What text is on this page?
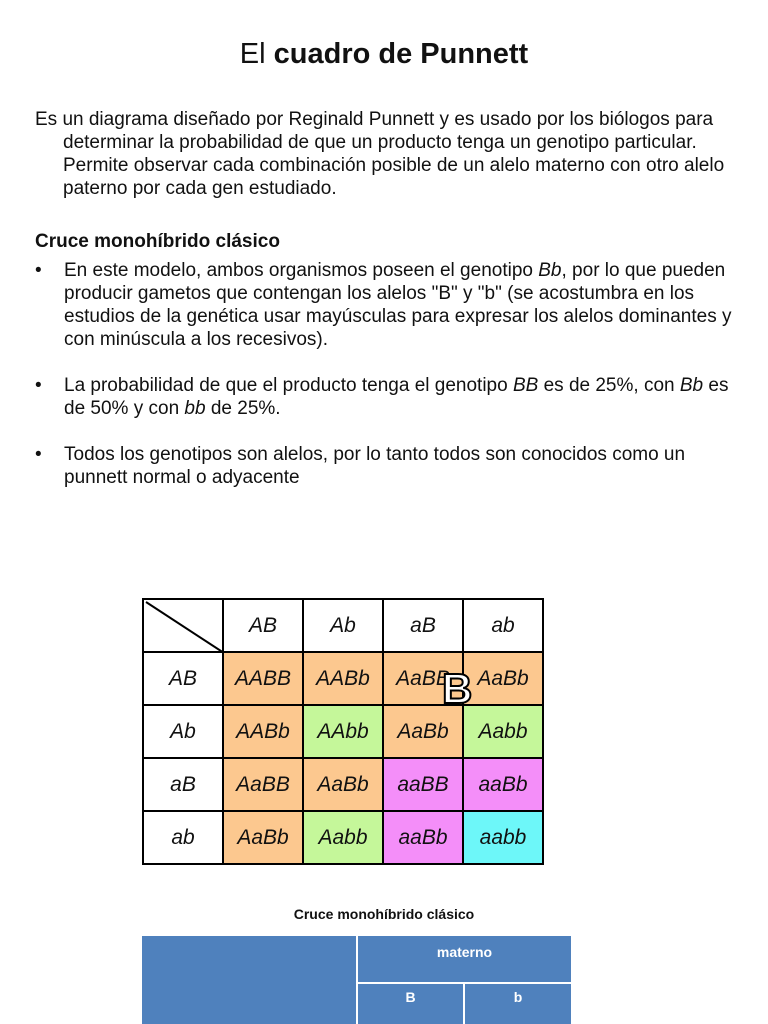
El cuadro de Punnett
Es un diagrama diseñado por Reginald Punnett y es usado por los biólogos para determinar la probabilidad de que un producto tenga un genotipo particular. Permite observar cada combinación posible de un alelo materno con otro alelo paterno por cada gen estudiado.
Cruce monohíbrido clásico
• En este modelo, ambos organismos poseen el genotipo Bb, por lo que pueden producir gametos que contengan los alelos "B" y "b" (se acostumbra en los estudios de la genética usar mayúsculas para expresar los alelos dominantes y con minúscula a los recesivos).
• La probabilidad de que el producto tenga el genotipo BB es de 25%, con Bb es de 50% y con bb de 25%.
• Todos los genotipos son alelos, por lo tanto todos son conocidos como un punnett normal o adyacente
	AB	Ab	aB	ab
AB	AABB	AABb	AaBB	AaBb
Ab	AABb	AAbb	AaBb	Aabb
aB	AaBB	AaBb	aaBB	aaBb
ab	AaBb	Aabb	aaBb	aabb
B
Cruce monohíbrido clásico
materno
B	b
